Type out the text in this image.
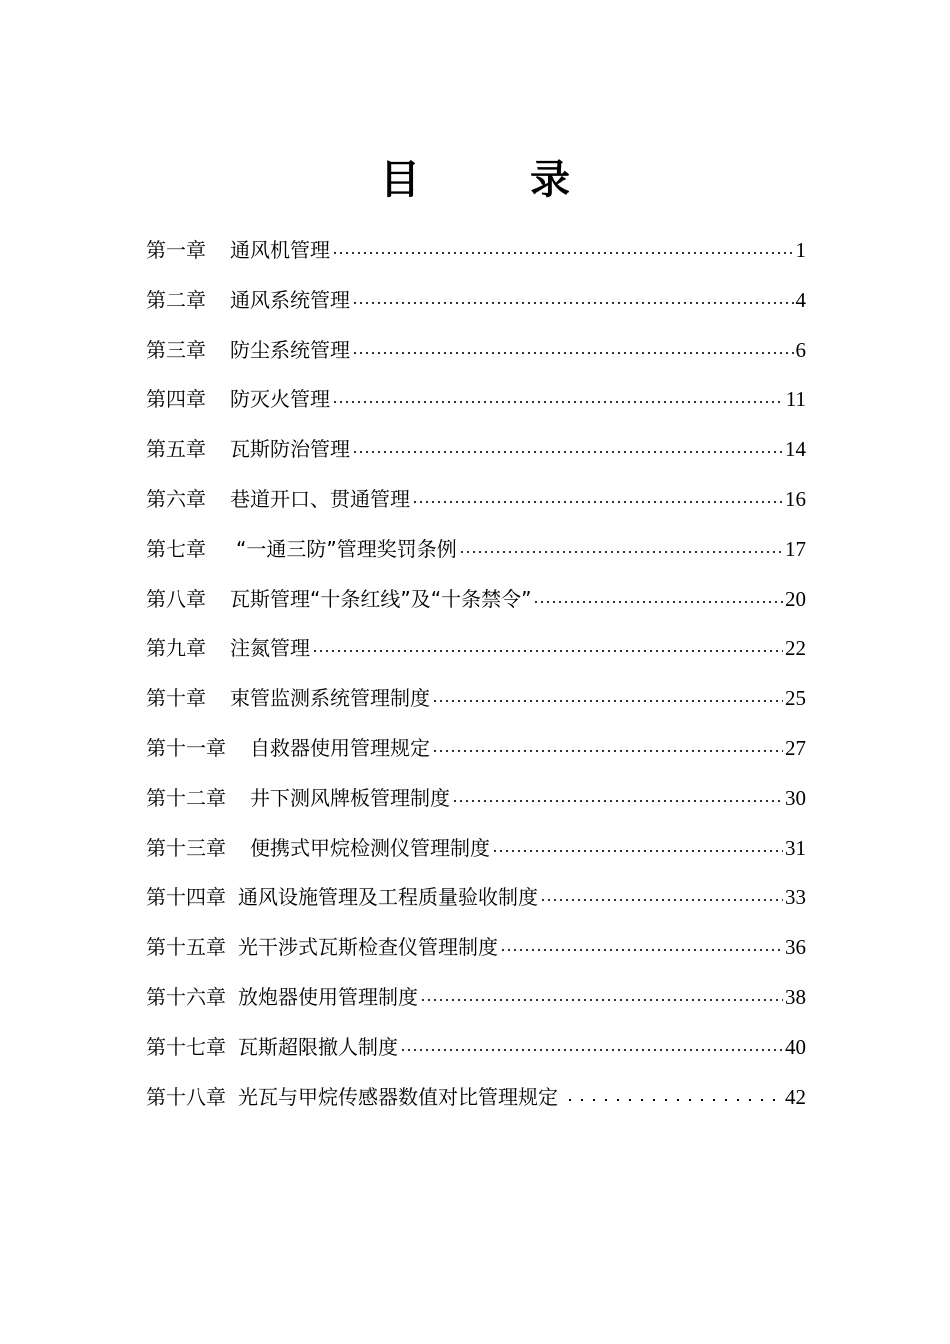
目	录
第一章 通风机管理	1
第二章 通风系统管理	4
第三章 防尘系统管理	6
第四章 防灭火管理	11
第五章 瓦斯防治管理	14
第六章 巷道开口、贯通管理	16
第七章 “一通三防”管理奖罚条例	17
第八章 瓦斯管理“十条红线”及“十条禁令”	20
第九章 注氮管理	22
第十章 束管监测系统管理制度	25
第十一章 自救器使用管理规定	27
第十二章 井下测风牌板管理制度	30
第十三章 便携式甲烷检测仪管理制度	31
第十四章 通风设施管理及工程质量验收制度	33
第十五章 光干涉式瓦斯检查仪管理制度	36
第十六章 放炮器使用管理制度	38
第十七章 瓦斯超限撤人制度	40
第十八章 光瓦与甲烷传感器数值对比管理规定	42
